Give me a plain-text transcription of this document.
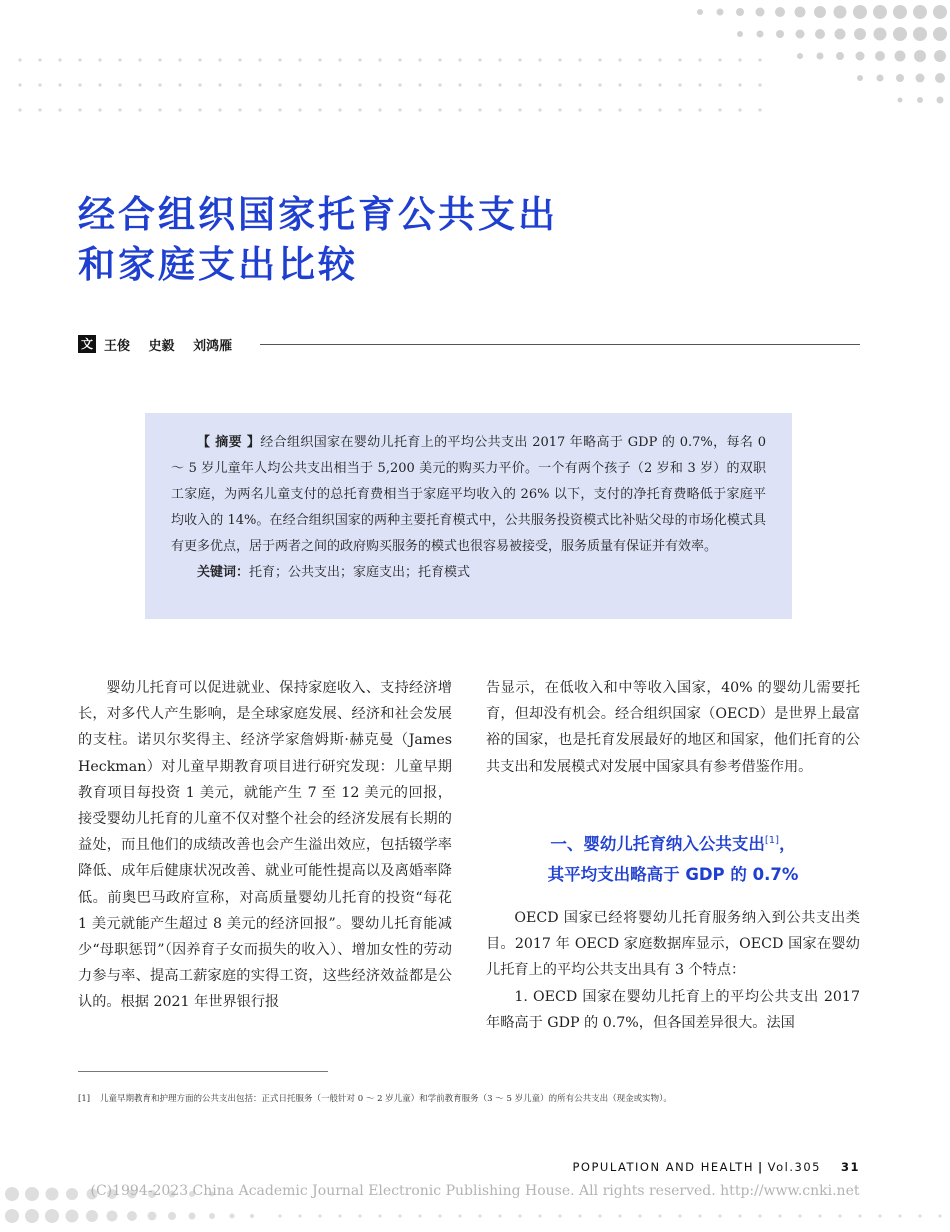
经合组织国家托育公共支出
和家庭支出比较
文 王俊 史毅 刘鸿雁

【 摘要 】经合组织国家在婴幼儿托育上的平均公共支出 2017 年略高于 GDP 的 0.7%，每名 0 ～ 5 岁儿童年人均公共支出相当于 5,200 美元的购买力平价。一个有两个孩子（2 岁和 3 岁）的双职工家庭，为两名儿童支付的总托育费相当于家庭平均收入的 26% 以下，支付的净托育费略低于家庭平均收入的 14%。在经合组织国家的两种主要托育模式中，公共服务投资模式比补贴父母的市场化模式具有更多优点，居于两者之间的政府购买服务的模式也很容易被接受，服务质量有保证并有效率。

关键词：托育；公共支出；家庭支出；托育模式

婴幼儿托育可以促进就业、保持家庭收入、支持经济增长，对多代人产生影响，是全球家庭发展、经济和社会发展的支柱。诺贝尔奖得主、经济学家詹姆斯·赫克曼（James Heckman）对儿童早期教育项目进行研究发现：儿童早期教育项目每投资 1 美元，就能产生 7 至 12 美元的回报，接受婴幼儿托育的儿童不仅对整个社会的经济发展有长期的益处，而且他们的成绩改善也会产生溢出效应，包括辍学率降低、成年后健康状况改善、就业可能性提高以及离婚率降低。前奥巴马政府宣称，对高质量婴幼儿托育的投资“每花 1 美元就能产生超过 8 美元的经济回报”。婴幼儿托育能减少“母职惩罚”（因养育子女而损失的收入）、增加女性的劳动力参与率、提高工薪家庭的实得工资，这些经济效益都是公认的。根据 2021 年世界银行报

告显示，在低收入和中等收入国家，40% 的婴幼儿需要托育，但却没有机会。经合组织国家（OECD）是世界上最富裕的国家，也是托育发展最好的地区和国家，他们托育的公共支出和发展模式对发展中国家具有参考借鉴作用。

一、婴幼儿托育纳入公共支出[1]，
其平均支出略高于 GDP 的 0.7%

OECD 国家已经将婴幼儿托育服务纳入到公共支出类目。2017 年 OECD 家庭数据库显示，OECD 国家在婴幼儿托育上的平均公共支出具有 3 个特点：

1. OECD 国家在婴幼儿托育上的平均公共支出 2017 年略高于 GDP 的 0.7%，但各国差异很大。法国

[1] 儿童早期教育和护理方面的公共支出包括：正式日托服务（一般针对 0 ～ 2 岁儿童）和学前教育服务（3 ～ 5 岁儿童）的所有公共支出（现金或实物）。
POPULATION AND HEALTH | Vol.305 31
(C)1994-2023 China Academic Journal Electronic Publishing House. All rights reserved. http://www.cnki.net
